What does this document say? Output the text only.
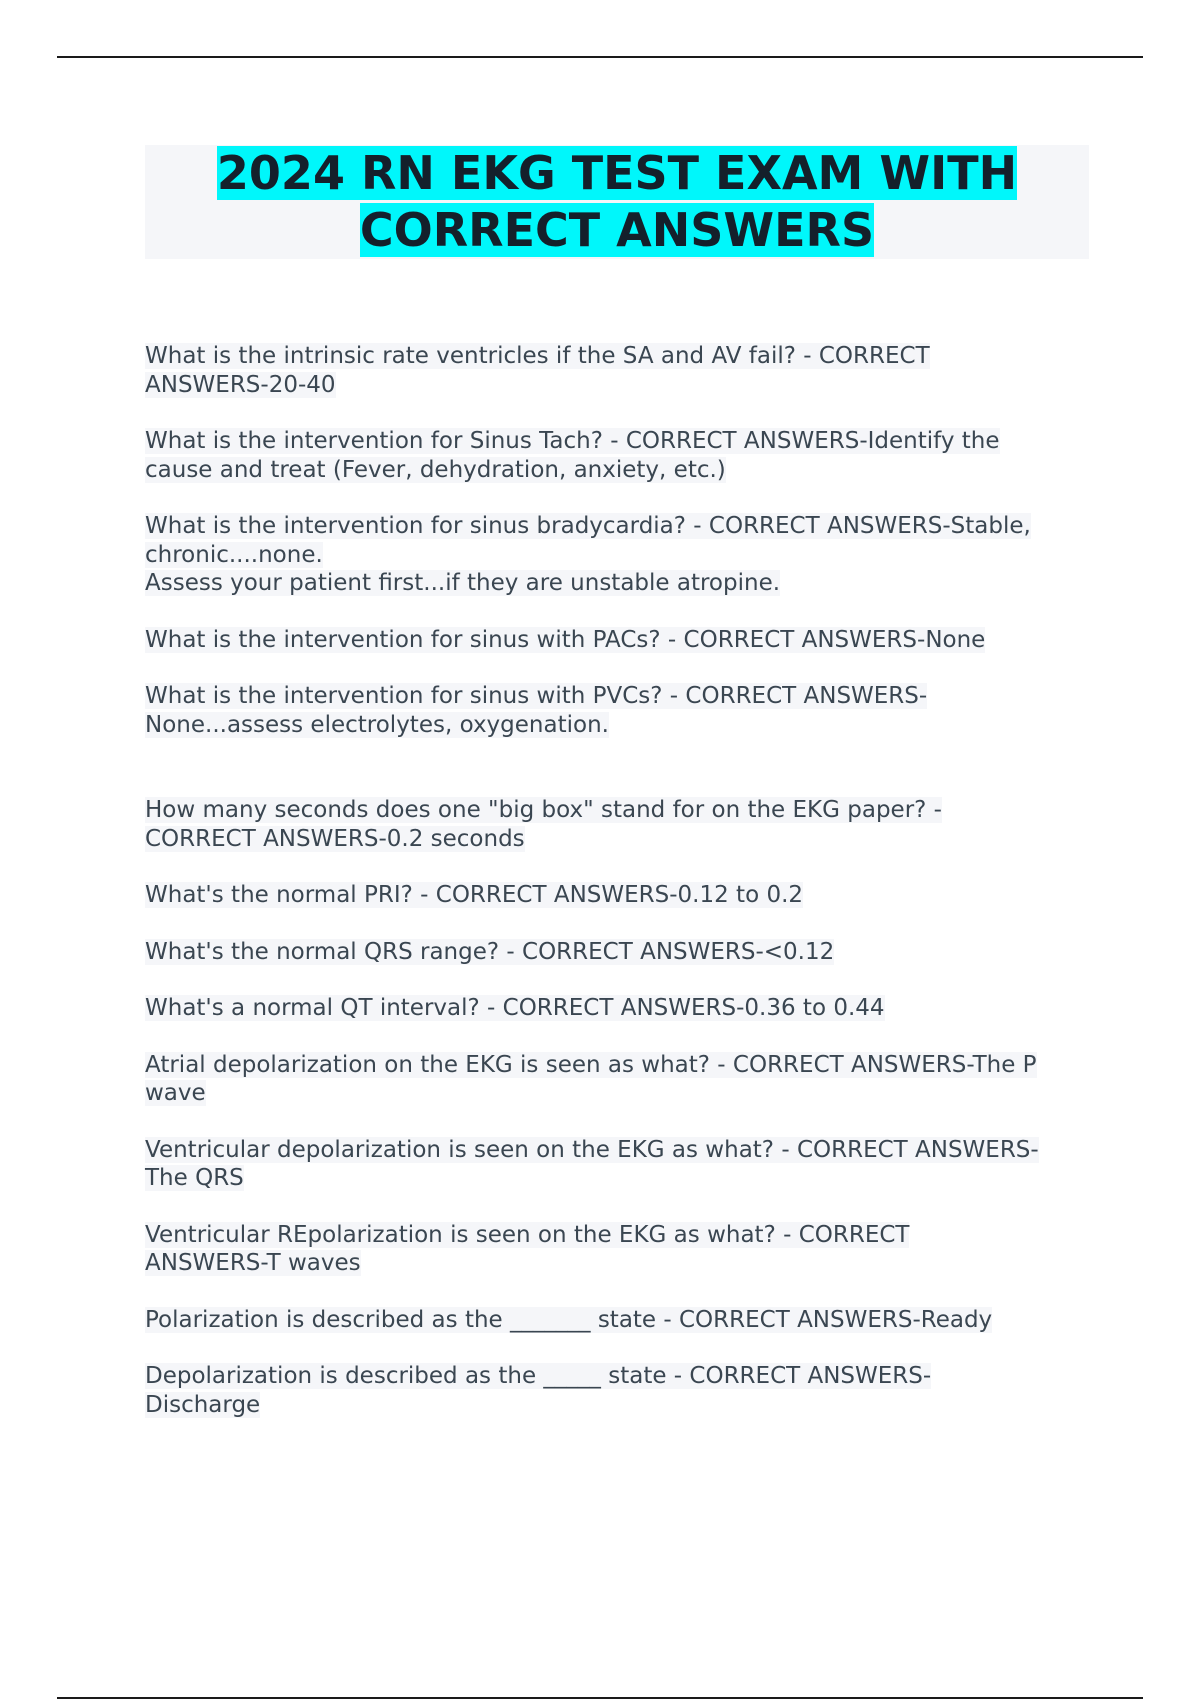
2024 RN EKG TEST EXAM WITH
CORRECT ANSWERS
What is the intrinsic rate ventricles if the SA and AV fail? - CORRECT
ANSWERS-20-40
What is the intervention for Sinus Tach? - CORRECT ANSWERS-Identify the
cause and treat (Fever, dehydration, anxiety, etc.)
What is the intervention for sinus bradycardia? - CORRECT ANSWERS-Stable,
chronic....none.
Assess your patient first...if they are unstable atropine.
What is the intervention for sinus with PACs? - CORRECT ANSWERS-None
What is the intervention for sinus with PVCs? - CORRECT ANSWERS-
None...assess electrolytes, oxygenation.
How many seconds does one "big box" stand for on the EKG paper? -
CORRECT ANSWERS-0.2 seconds
What's the normal PRI? - CORRECT ANSWERS-0.12 to 0.2
What's the normal QRS range? - CORRECT ANSWERS-<0.12
What's a normal QT interval? - CORRECT ANSWERS-0.36 to 0.44
Atrial depolarization on the EKG is seen as what? - CORRECT ANSWERS-The P
wave
Ventricular depolarization is seen on the EKG as what? - CORRECT ANSWERS-
The QRS
Ventricular REpolarization is seen on the EKG as what? - CORRECT
ANSWERS-T waves
Polarization is described as the _______ state - CORRECT ANSWERS-Ready
Depolarization is described as the _____ state - CORRECT ANSWERS-
Discharge
